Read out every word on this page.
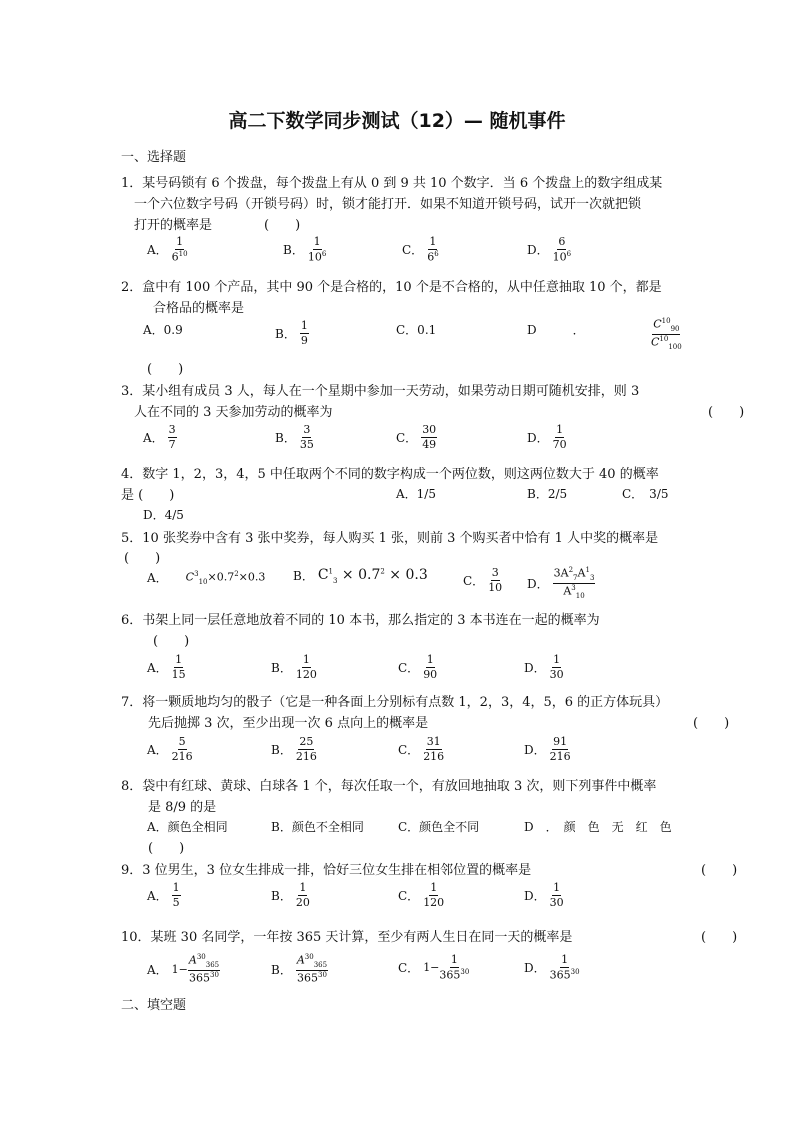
高二下数学同步测试（12）— 随机事件
一、选择题
1．某号码锁有 6 个拨盘，每个拨盘上有从 0 到 9 共 10 个数字．当 6 个拨盘上的数字组成某
一个六位数字号码（开锁号码）时，锁才能打开．如果不知道开锁号码，试开一次就把锁
打开的概率是　　　　(　　)
A． $\frac{1}{6^{10}}$	B． $\frac{1}{10^6}$	C． $\frac{1}{6^6}$	D． $\frac{6}{10^6}$
2．盒中有 100 个产品，其中 90 个是合格的，10 个是不合格的，从中任意抽取 10 个，都是
合格品的概率是
A．0.9	B． $\frac{1}{9}$	C．0.1	D　　　．	$\frac{C^{10}_{90}}{C^{10}_{100}}$
(　　)
3．某小组有成员 3 人，每人在一个星期中参加一天劳动，如果劳动日期可随机安排，则 3
人在不同的 3 天参加劳动的概率为	(　　)
A． $\frac{3}{7}$	B． $\frac{3}{35}$	C． $\frac{30}{49}$	D． $\frac{1}{70}$
4．数字 1，2，3，4，5 中任取两个不同的数字构成一个两位数，则这两位数大于 40 的概率
是 (　　)	A．1/5	B．2/5	C．　3/5
D．4/5
5．10 张奖券中含有 3 张中奖券，每人购买 1 张，则前 3 个购买者中恰有 1 人中奖的概率是
(　　)
A． $C^3_{10}\times 0.7^2\times 0.3$ B． $C^1_3 \times 0.7^2 \times 0.3$	C． $\frac{3}{10}$ D． $\frac{3A^2_7A^1_3}{A^3_{10}}$
6．书架上同一层任意地放着不同的 10 本书，那么指定的 3 本书连在一起的概率为
(　　)
A． $\frac{1}{15}$	B． $\frac{1}{120}$	C． $\frac{1}{90}$	D． $\frac{1}{30}$
7．将一颗质地均匀的骰子（它是一种各面上分别标有点数 1，2，3，4，5，6 的正方体玩具）
先后抛掷 3 次，至少出现一次 6 点向上的概率是	(　　)
A． $\frac{5}{216}$	B． $\frac{25}{216}$	C． $\frac{31}{216}$	D． $\frac{91}{216}$
8．袋中有红球、黄球、白球各 1 个，每次任取一个，有放回地抽取 3 次，则下列事件中概率
是 8/9 的是
A．颜色全相同	B．颜色不全相同	C．颜色全不同	D　．　颜　色　无　红　色
(　　)
9．3 位男生，3 位女生排成一排，恰好三位女生排在相邻位置的概率是	(　　)
A． $\frac{1}{5}$	B． $\frac{1}{20}$	C． $\frac{1}{120}$	D． $\frac{1}{30}$
10．某班 30 名同学，一年按 365 天计算，至少有两人生日在同一天的概率是	(　　)
A． $1- \frac{A^{30}_{365}}{365^{30}}$	B． $\frac{A^{30}_{365}}{365^{30}}$	C． $1- \frac{1}{365^{30}}$	D． $\frac{1}{365^{30}}$
二、填空题
